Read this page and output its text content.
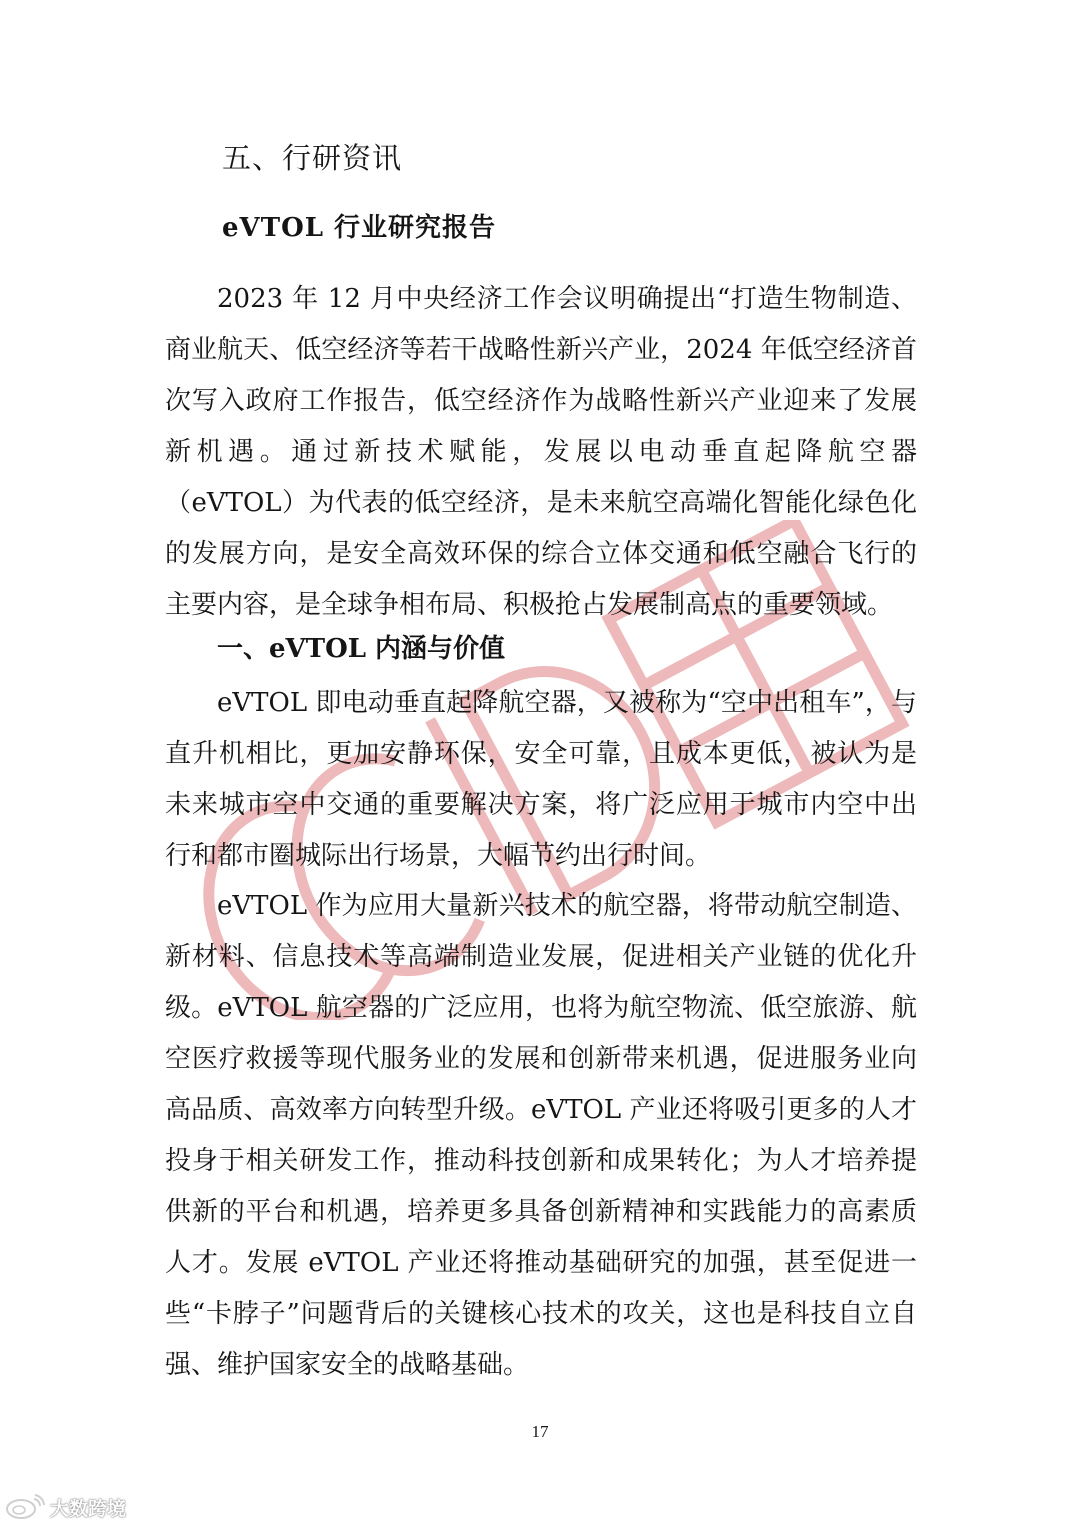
五、行研资讯
eVTOL 行业研究报告

2023 年 12 月中央经济工作会议明确提出“打造生物制造、商业航天、低空经济等若干战略性新兴产业，2024 年低空经济首次写入政府工作报告，低空经济作为战略性新兴产业迎来了发展新机遇。通过新技术赋能，发展以电动垂直起降航空器（eVTOL）为代表的低空经济，是未来航空高端化智能化绿色化的发展方向，是安全高效环保的综合立体交通和低空融合飞行的主要内容，是全球争相布局、积极抢占发展制高点的重要领域。

一、eVTOL 内涵与价值

eVTOL 即电动垂直起降航空器，又被称为“空中出租车”，与直升机相比，更加安静环保，安全可靠，且成本更低，被认为是未来城市空中交通的重要解决方案，将广泛应用于城市内空中出行和都市圈城际出行场景，大幅节约出行时间。

eVTOL 作为应用大量新兴技术的航空器，将带动航空制造、新材料、信息技术等高端制造业发展，促进相关产业链的优化升级。eVTOL 航空器的广泛应用，也将为航空物流、低空旅游、航空医疗救援等现代服务业的发展和创新带来机遇，促进服务业向高品质、高效率方向转型升级。eVTOL 产业还将吸引更多的人才投身于相关研发工作，推动科技创新和成果转化；为人才培养提供新的平台和机遇，培养更多具备创新精神和实践能力的高素质人才。发展 eVTOL 产业还将推动基础研究的加强，甚至促进一些“卡脖子”问题背后的关键核心技术的攻关，这也是科技自立自强、维护国家安全的战略基础。

17
大数跨境
